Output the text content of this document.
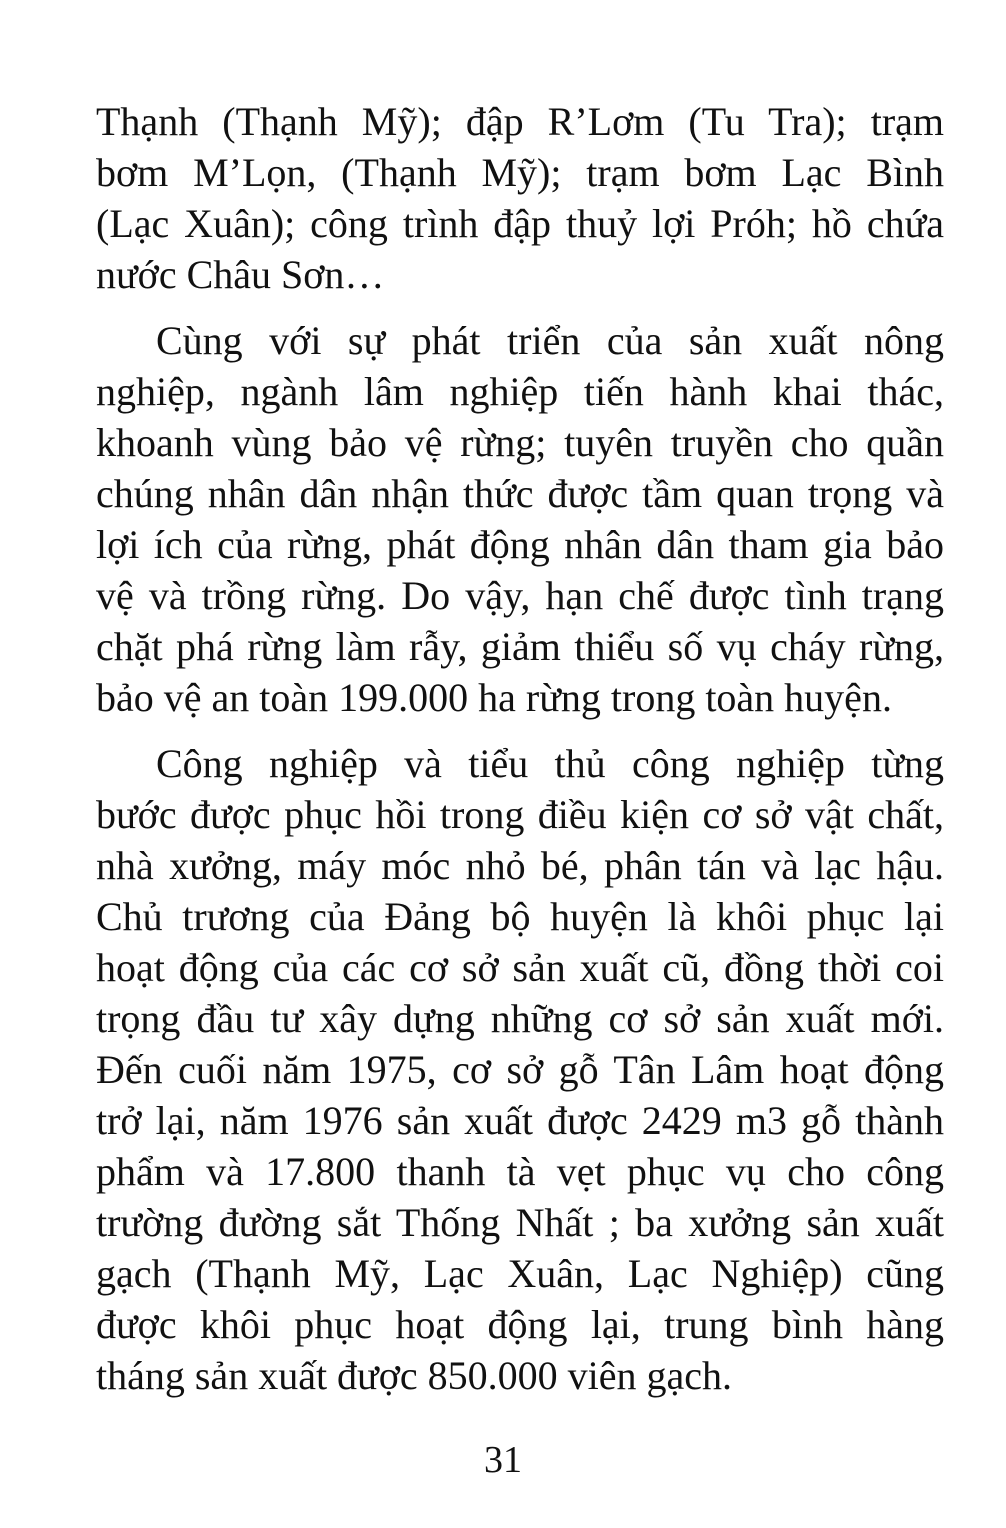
Thạnh (Thạnh Mỹ); đập R’Lơm (Tu Tra); trạm
bơm M’Lọn, (Thạnh Mỹ); trạm bơm Lạc Bình
(Lạc Xuân); công trình đập thuỷ lợi Próh; hồ chứa
nước Châu Sơn…

Cùng với sự phát triển của sản xuất nông
nghiệp, ngành lâm nghiệp tiến hành khai thác,
khoanh vùng bảo vệ rừng; tuyên truyền cho quần
chúng nhân dân nhận thức được tầm quan trọng và
lợi ích của rừng, phát động nhân dân tham gia bảo
vệ và trồng rừng. Do vậy, hạn chế được tình trạng
chặt phá rừng làm rẫy, giảm thiểu số vụ cháy rừng,
bảo vệ an toàn 199.000 ha rừng trong toàn huyện.

Công nghiệp và tiểu thủ công nghiệp từng
bước được phục hồi trong điều kiện cơ sở vật chất,
nhà xưởng, máy móc nhỏ bé, phân tán và lạc hậu.
Chủ trương của Đảng bộ huyện là khôi phục lại
hoạt động của các cơ sở sản xuất cũ, đồng thời coi
trọng đầu tư xây dựng những cơ sở sản xuất mới.
Đến cuối năm 1975, cơ sở gỗ Tân Lâm hoạt động
trở lại, năm 1976 sản xuất được 2429 m3 gỗ thành
phẩm và 17.800 thanh tà vẹt phục vụ cho công
trường đường sắt Thống Nhất ; ba xưởng sản xuất
gạch (Thạnh Mỹ, Lạc Xuân, Lạc Nghiệp) cũng
được khôi phục hoạt động lại, trung bình hàng
tháng sản xuất được 850.000 viên gạch.

31
